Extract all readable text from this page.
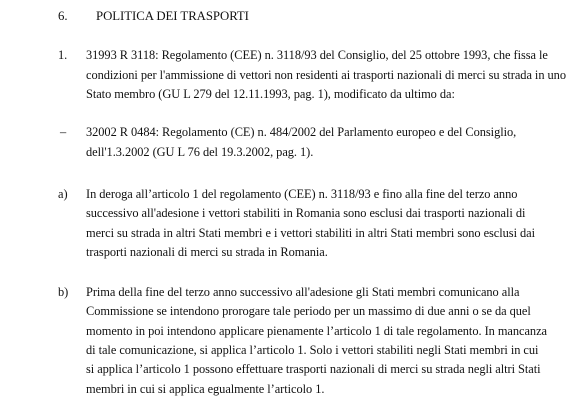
6. POLITICA DEI TRASPORTI
1. 31993 R 3118: Regolamento (CEE) n. 3118/93 del Consiglio, del 25 ottobre 1993, che fissa le
condizioni per l'ammissione di vettori non residenti ai trasporti nazionali di merci su strada in uno
Stato membro (GU L 279 del 12.11.1993, pag. 1), modificato da ultimo da:
– 32002 R 0484: Regolamento (CE) n. 484/2002 del Parlamento europeo e del Consiglio,
dell'1.3.2002 (GU L 76 del 19.3.2002, pag. 1).
a) In deroga all’articolo 1 del regolamento (CEE) n. 3118/93 e fino alla fine del terzo anno
successivo all'adesione i vettori stabiliti in Romania sono esclusi dai trasporti nazionali di
merci su strada in altri Stati membri e i vettori stabiliti in altri Stati membri sono esclusi dai
trasporti nazionali di merci su strada in Romania.
b) Prima della fine del terzo anno successivo all'adesione gli Stati membri comunicano alla
Commissione se intendono prorogare tale periodo per un massimo di due anni o se da quel
momento in poi intendono applicare pienamente l’articolo 1 di tale regolamento. In mancanza
di tale comunicazione, si applica l’articolo 1. Solo i vettori stabiliti negli Stati membri in cui
si applica l’articolo 1 possono effettuare trasporti nazionali di merci su strada negli altri Stati
membri in cui si applica egualmente l’articolo 1.
